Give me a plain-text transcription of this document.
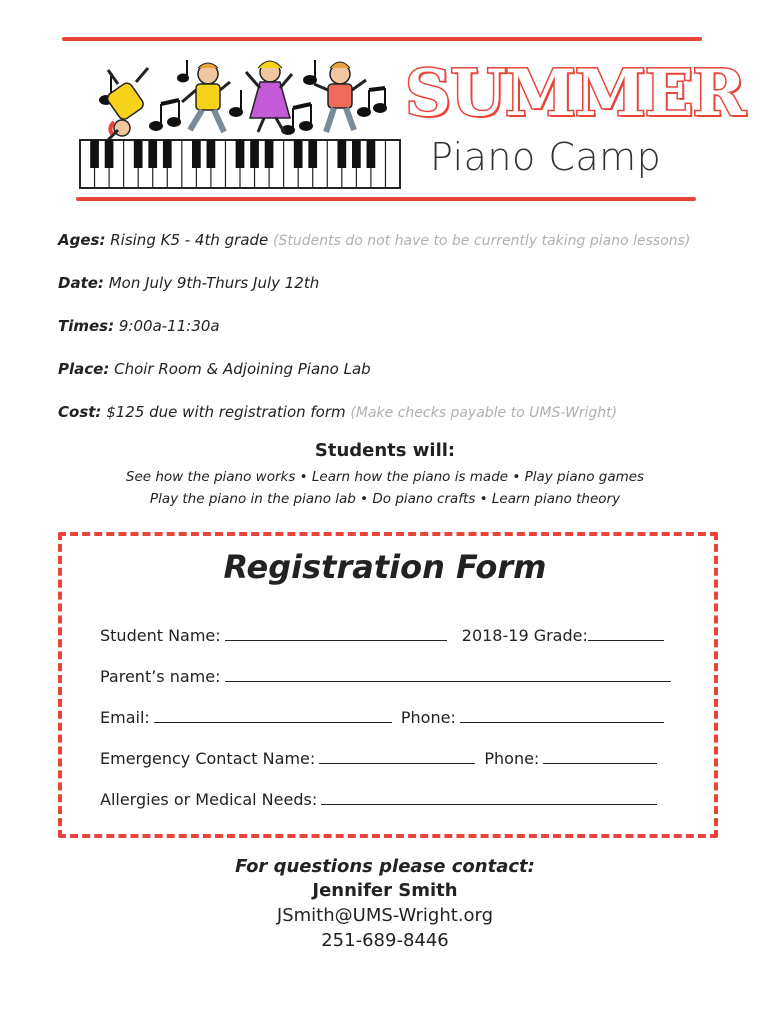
SUMMER
Piano Camp
Ages: Rising K5 - 4th grade (Students do not have to be currently taking piano lessons)
Date: Mon July 9th-Thurs July 12th
Times: 9:00a-11:30a
Place: Choir Room & Adjoining Piano Lab
Cost: $125 due with registration form (Make checks payable to UMS-Wright)
Students will:
See how the piano works • Learn how the piano is made • Play piano games
Play the piano in the piano lab • Do piano crafts • Learn piano theory
Registration Form
Student Name:	2018-19 Grade:
Parent’s name:
Email:	Phone:
Emergency Contact Name:	Phone:
Allergies or Medical Needs:
For questions please contact:
Jennifer Smith
JSmith@UMS-Wright.org
251-689-8446
